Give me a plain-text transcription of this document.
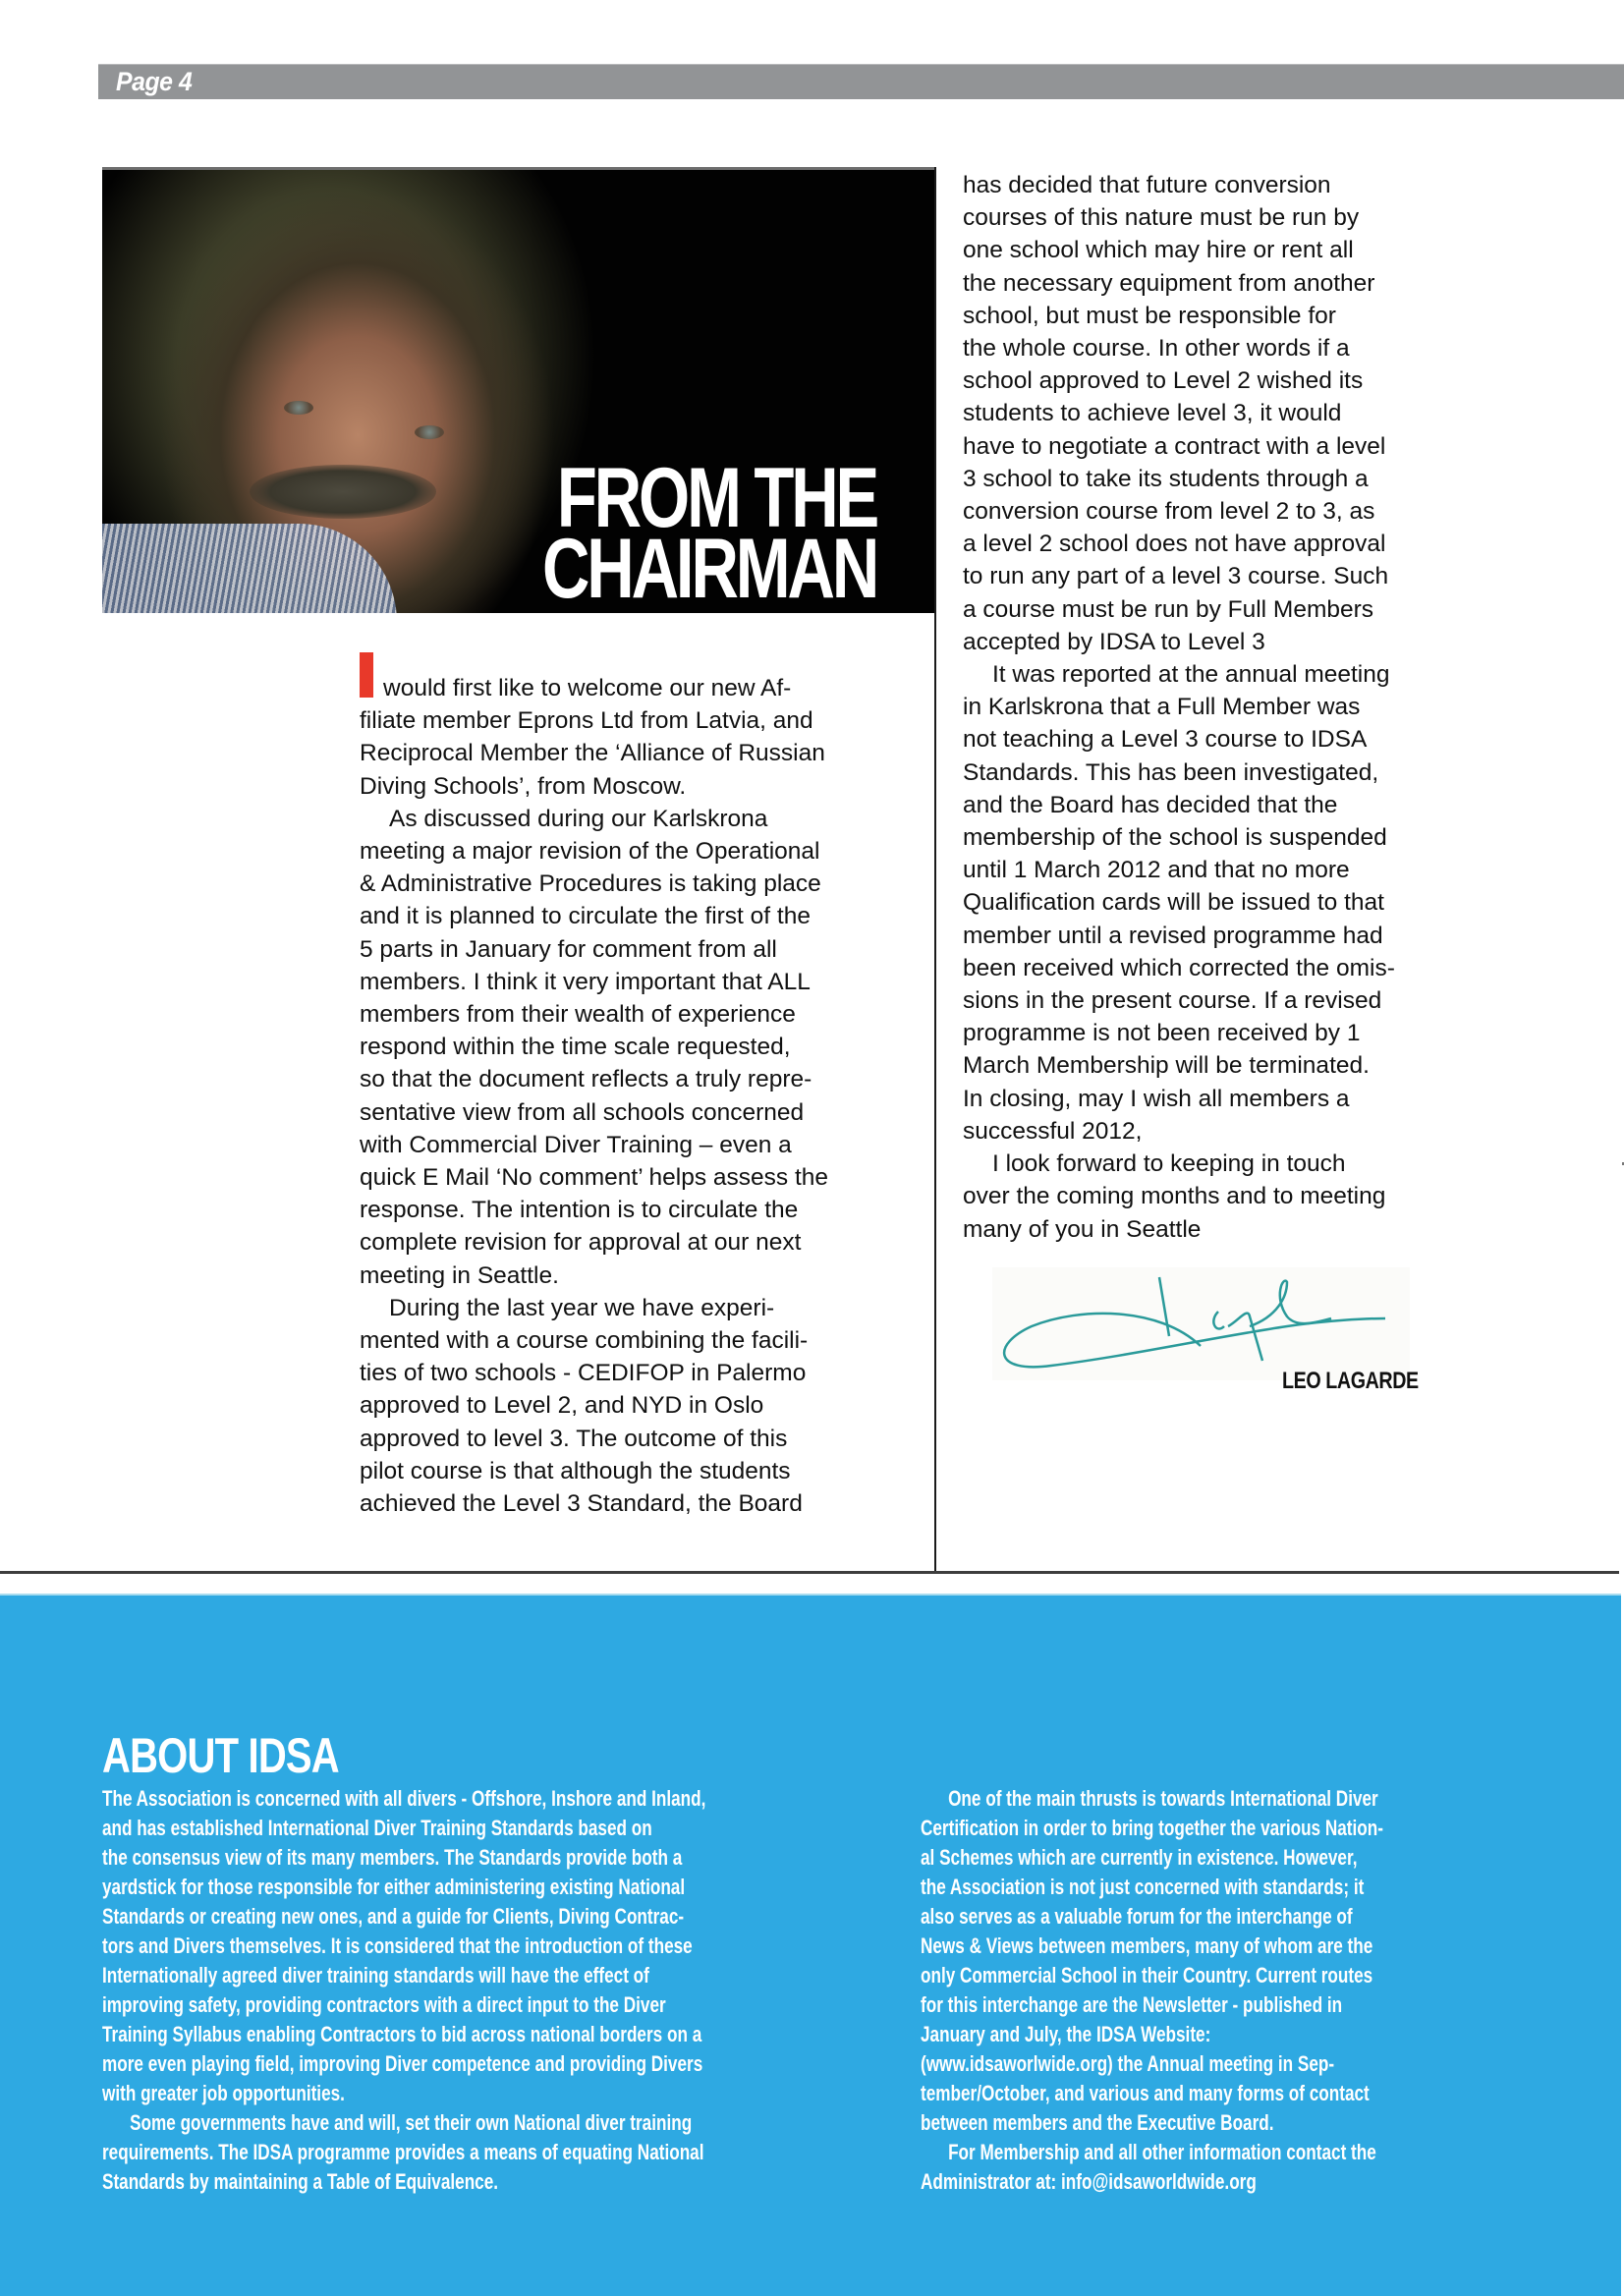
Page 4
FROM THE
CHAIRMAN
would first like to welcome our new Af-
filiate member Eprons Ltd from Latvia, and
Reciprocal Member the ‘Alliance of Russian
Diving Schools’, from Moscow.
As discussed during our Karlskrona
meeting a major revision of the Operational
& Administrative Procedures is taking place
and it is planned to circulate the first of the
5 parts in January for comment from all
members. I think it very important that ALL
members from their wealth of experience
respond within the time scale requested,
so that the document reflects a truly repre-
sentative view from all schools concerned
with Commercial Diver Training – even a
quick E Mail ‘No comment’ helps assess the
response. The intention is to circulate the
complete revision for approval at our next
meeting in Seattle.
During the last year we have experi-
mented with a course combining the facili-
ties of two schools - CEDIFOP in Palermo
approved to Level 2, and NYD in Oslo
approved to level 3. The outcome of this
pilot course is that although the students
achieved the Level 3 Standard, the Board
has decided that future conversion
courses of this nature must be run by
one school which may hire or rent all
the necessary equipment from another
school, but must be responsible for
the whole course. In other words if a
school approved to Level 2 wished its
students to achieve level 3, it would
have to negotiate a contract with a level
3 school to take its students through a
conversion course from level 2 to 3, as
a level 2 school does not have approval
to run any part of a level 3 course. Such
a course must be run by Full Members
accepted by IDSA to Level 3
It was reported at the annual meeting
in Karlskrona that a Full Member was
not teaching a Level 3 course to IDSA
Standards. This has been investigated,
and the Board has decided that the
membership of the school is suspended
until 1 March 2012 and that no more
Qualification cards will be issued to that
member until a revised programme had
been received which corrected the omis-
sions in the present course. If a revised
programme is not been received by 1
March Membership will be terminated.
In closing, may I wish all members a
successful 2012,
I look forward to keeping in touch
over the coming months and to meeting
many of you in Seattle
LEO LAGARDE
ABOUT IDSA
The Association is concerned with all divers - Offshore, Inshore and Inland,
and has established International Diver Training Standards based on
the consensus view of its many members. The Standards provide both a
yardstick for those responsible for either administering existing National
Standards or creating new ones, and a guide for Clients, Diving Contrac-
tors and Divers themselves. It is considered that the introduction of these
Internationally agreed diver training standards will have the effect of
improving safety, providing contractors with a direct input to the Diver
Training Syllabus enabling Contractors to bid across national borders on a
more even playing field, improving Diver competence and providing Divers
with greater job opportunities.
Some governments have and will, set their own National diver training
requirements. The IDSA programme provides a means of equating National
Standards by maintaining a Table of Equivalence.
One of the main thrusts is towards International Diver
Certification in order to bring together the various Nation-
al Schemes which are currently in existence. However,
the Association is not just concerned with standards; it
also serves as a valuable forum for the interchange of
News & Views between members, many of whom are the
only Commercial School in their Country. Current routes
for this interchange are the Newsletter - published in
January and July, the IDSA Website:
(www.idsaworlwide.org) the Annual meeting in Sep-
tember/October, and various and many forms of contact
between members and the Executive Board.
For Membership and all other information contact the
Administrator at: info@idsaworldwide.org
